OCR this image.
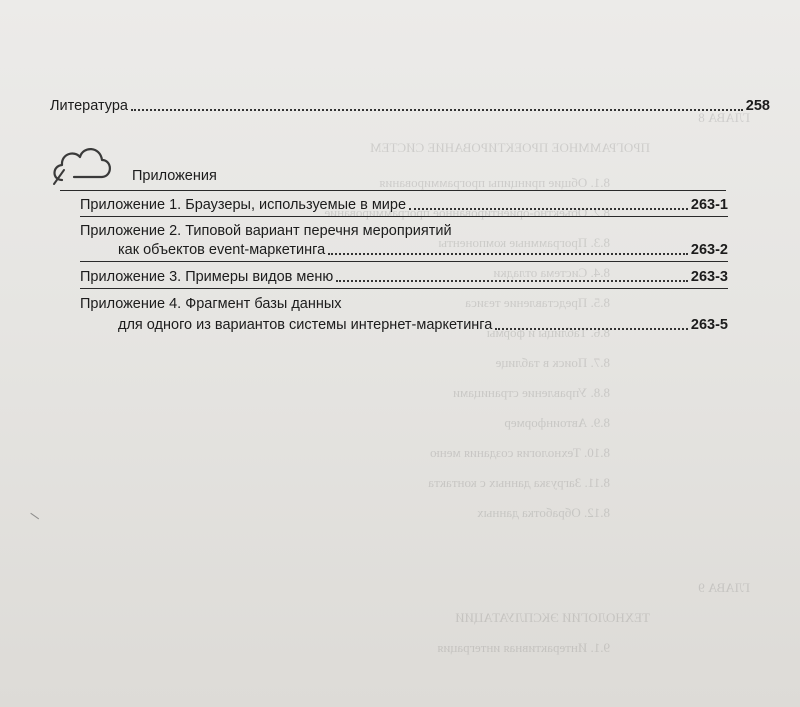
ГЛАВА 8
ПРОГРАММНОЕ ПРОЕКТИРОВАНИЕ СИСТЕМ
8.1. Общие принципы программирования
8.2. Объектно-ориентированное программирование
8.3. Программные компоненты
8.4. Система отладки
8.5. Представление тезиса
8.6. Таблицы и формы
8.7. Поиск в таблице
8.8. Управление страницами
8.9. Автоинформер
8.10. Технология создания меню
8.11. Загрузка данных с контакта
8.12. Обработка данных
ГЛАВА 9
ТЕХНОЛОГИИ ЭКСПЛУАТАЦИИ
9.1. Интерактивная интеграция
Литература	258
Приложения
Приложение 1. Браузеры, используемые в мире	263-1
Приложение 2. Типовой вариант перечня мероприятий
как объектов event-маркетинга	263-2
Приложение 3. Примеры видов меню	263-3
Приложение 4. Фрагмент базы данных
для одного из вариантов системы интернет-маркетинга	263-5
